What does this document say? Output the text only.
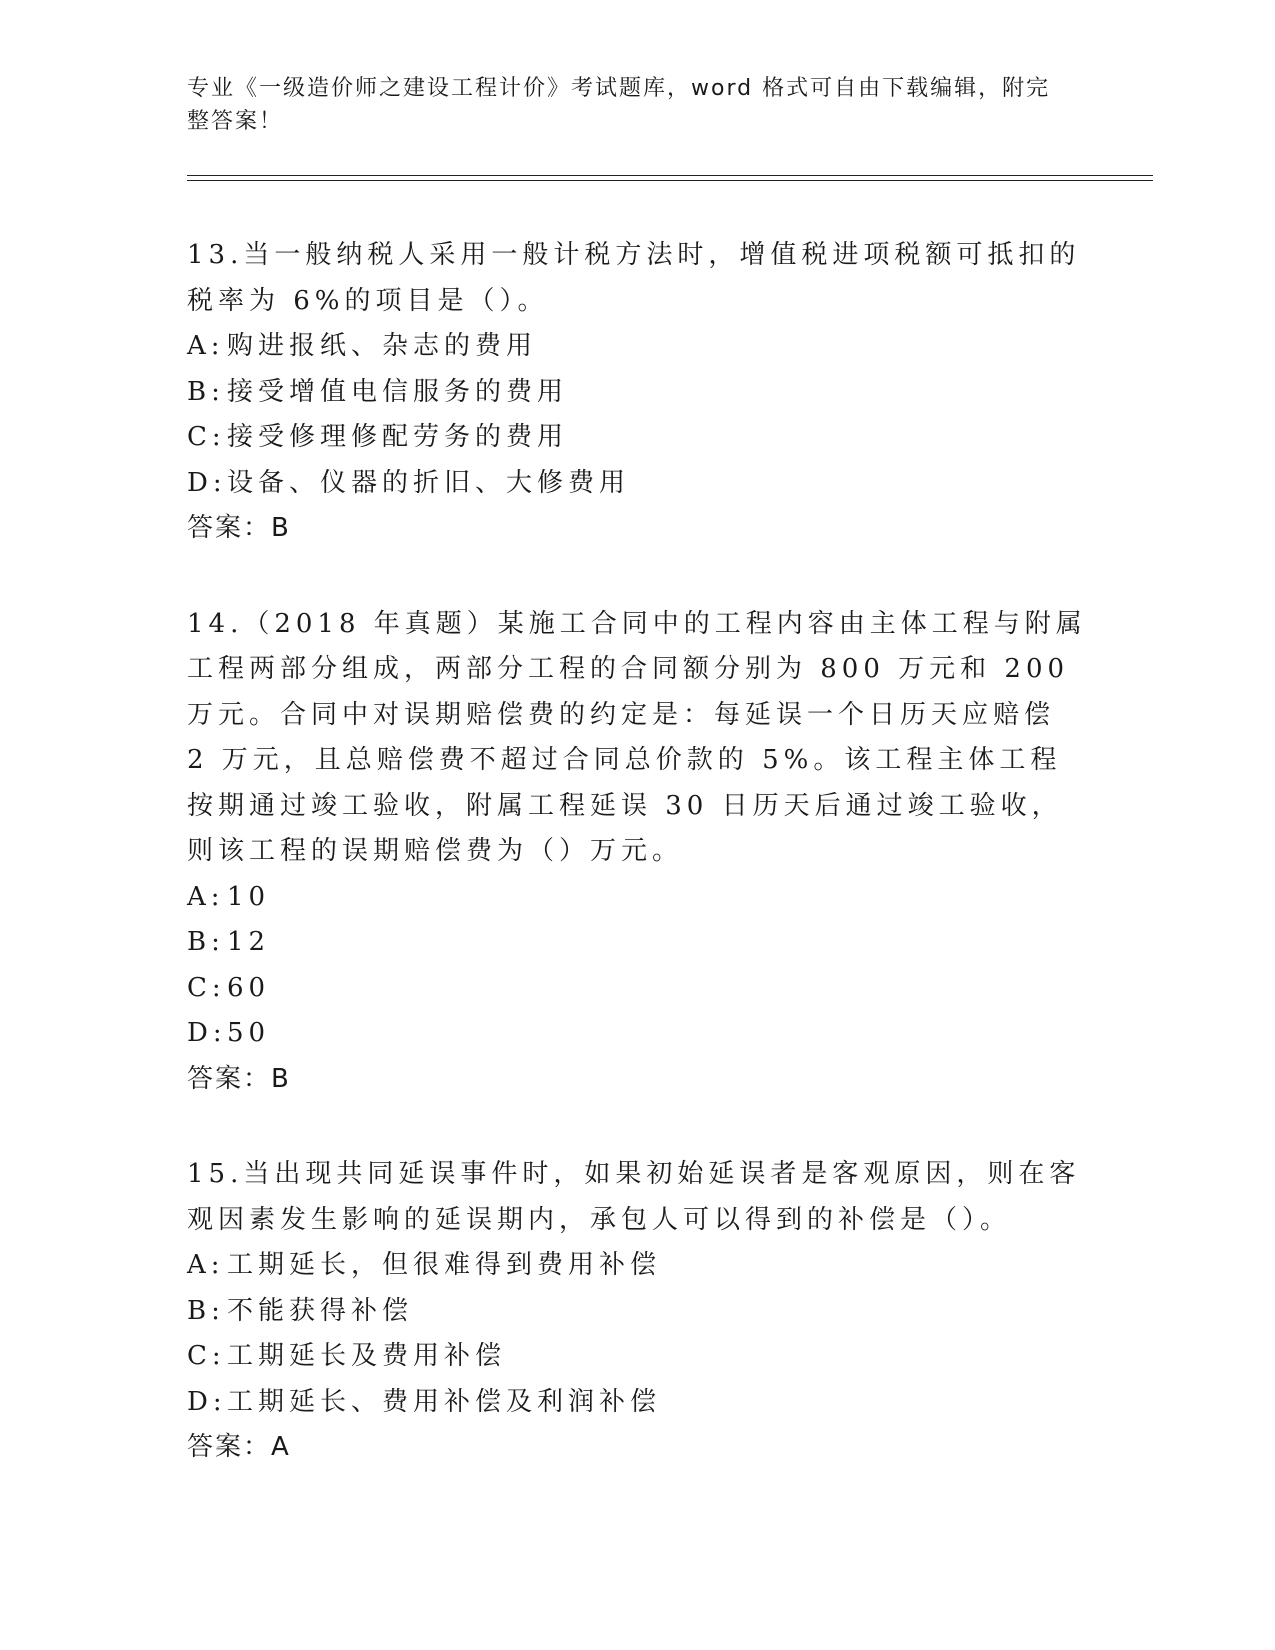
专业《一级造价师之建设工程计价》考试题库，word 格式可自由下载编辑，附完整答案！

13.当一般纳税人采用一般计税方法时，增值税进项税额可抵扣的税率为 6%的项目是（）。

A: 购进报纸、杂志的费用
B: 接受增值电信服务的费用
C: 接受修理修配劳务的费用
D: 设备、仪器的折旧、大修费用
答案：B

14.（2018 年真题）某施工合同中的工程内容由主体工程与附属工程两部分组成，两部分工程的合同额分别为 800 万元和 200 万元。合同中对误期赔偿费的约定是：每延误一个日历天应赔偿 2 万元，且总赔偿费不超过合同总价款的 5%。该工程主体工程按期通过竣工验收，附属工程延误 30 日历天后通过竣工验收，则该工程的误期赔偿费为（）万元。

A: 10
B: 12
C: 60
D: 50
答案：B

15.当出现共同延误事件时，如果初始延误者是客观原因，则在客观因素发生影响的延误期内，承包人可以得到的补偿是（）。

A: 工期延长，但很难得到费用补偿
B: 不能获得补偿
C: 工期延长及费用补偿
D: 工期延长、费用补偿及利润补偿
答案：A
